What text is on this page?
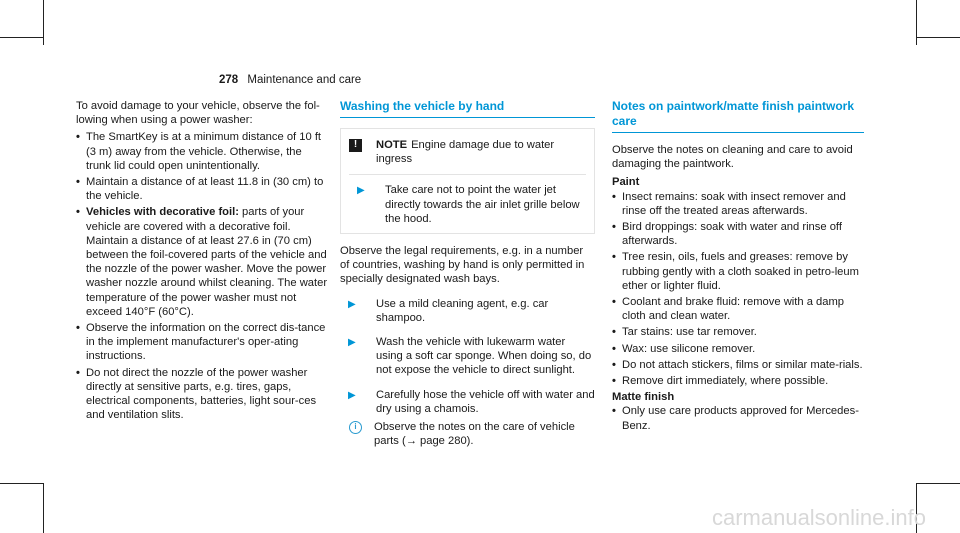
278 Maintenance and care

To avoid damage to your vehicle, observe the fol-lowing when using a power washer:

• The SmartKey is at a minimum distance of 10 ft (3 m) away from the vehicle. Otherwise, the trunk lid could open unintentionally.
• Maintain a distance of at least 11.8 in (30 cm) to the vehicle.
• Vehicles with decorative foil: parts of your vehicle are covered with a decorative foil. Maintain a distance of at least 27.6 in (70 cm) between the foil-covered parts of the vehicle and the nozzle of the power washer. Move the power washer nozzle around whilst cleaning. The water temperature of the power washer must not exceed 140°F (60°C).
• Observe the information on the correct dis-tance in the implement manufacturer's oper-ating instructions.
• Do not direct the nozzle of the power washer directly at sensitive parts, e.g. tires, gaps, electrical components, batteries, light sour-ces and ventilation slits.
Washing the vehicle by hand
!	NOTE Engine damage due to water ingress
▶	Take care not to point the water jet directly towards the air inlet grille below the hood.

Observe the legal requirements, e.g. in a number of countries, washing by hand is only permitted in specially designated wash bays.

▶	Use a mild cleaning agent, e.g. car shampoo.
▶	Wash the vehicle with lukewarm water using a soft car sponge. When doing so, do not expose the vehicle to direct sunlight.
▶	Carefully hose the vehicle off with water and dry using a chamois.
i	Observe the notes on the care of vehicle parts (→ page 280).
Notes on paintwork/matte finish paintwork care

Observe the notes on cleaning and care to avoid damaging the paintwork.

Paint
• Insect remains: soak with insect remover and rinse off the treated areas afterwards.
• Bird droppings: soak with water and rinse off afterwards.
• Tree resin, oils, fuels and greases: remove by rubbing gently with a cloth soaked in petro-leum ether or lighter fluid.
• Coolant and brake fluid: remove with a damp cloth and clean water.
• Tar stains: use tar remover.
• Wax: use silicone remover.
• Do not attach stickers, films or similar mate-rials.
• Remove dirt immediately, where possible.
Matte finish
• Only use care products approved for Mercedes-Benz.
carmanualsonline.info
